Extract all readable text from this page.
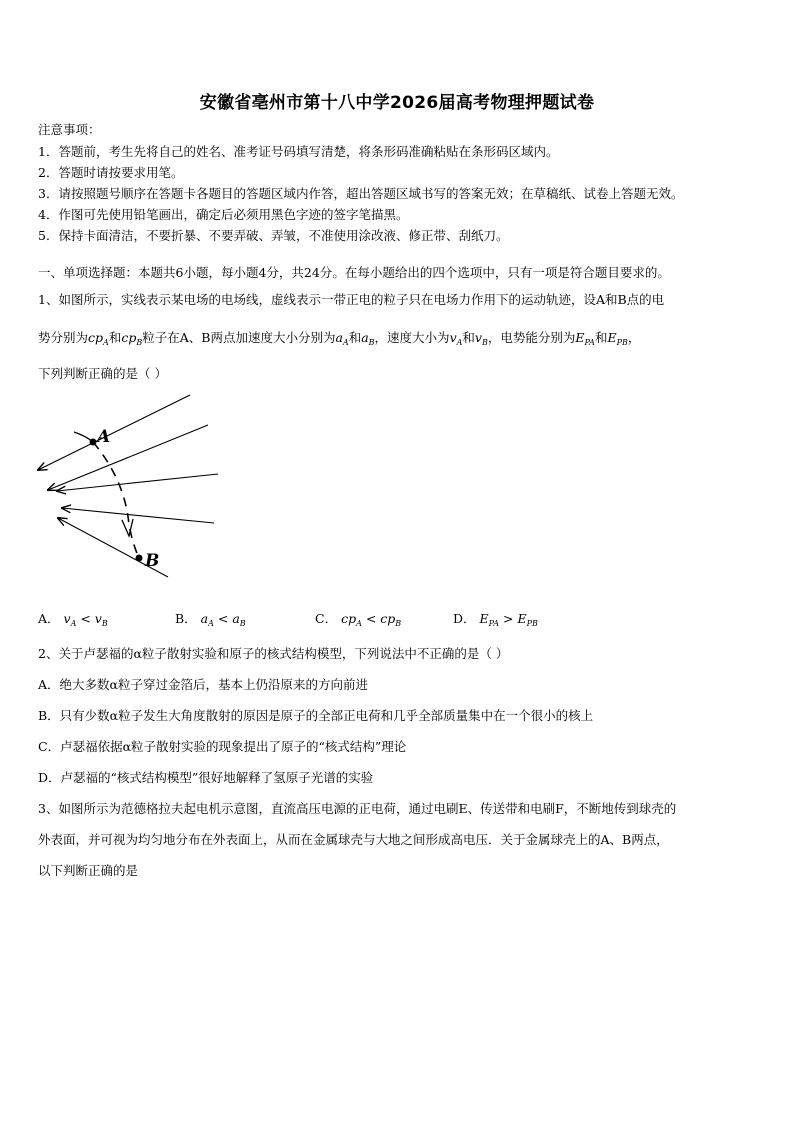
安徽省亳州市第十八中学2026届高考物理押题试卷
注意事项：
1．答题前，考生先将自己的姓名、准考证号码填写清楚，将条形码准确粘贴在条形码区域内。
2．答题时请按要求用笔。
3．请按照题号顺序在答题卡各题目的答题区域内作答，超出答题区域书写的答案无效；在草稿纸、试卷上答题无效。
4．作图可先使用铅笔画出，确定后必须用黑色字迹的签字笔描黑。
5．保持卡面清洁，不要折暴、不要弄破、弄皱，不准使用涂改液、修正带、刮纸刀。
一、单项选择题：本题共6小题，每小题4分，共24分。在每小题给出的四个选项中，只有一项是符合题目要求的。
1、如图所示，实线表示某电场的电场线，虚线表示一带正电的粒子只在电场力作用下的运动轨迹，设A和B点的电
势分别为$cp_A$和$cp_B$粒子在A、B两点加速度大小分别为$a_A$和$a_B$，速度大小为$v_A$和$v_B$，电势能分别为$E_{PA}$和$E_{PB}$，
下列判断正确的是（ ）
A
B
A． $v_A < v_B$	B． $a_A < a_B$	C． $cp_A < cp_B$	D． $E_{PA} > E_{PB}$
2、关于卢瑟福的α粒子散射实验和原子的核式结构模型，下列说法中不正确的是（ ）
A．绝大多数α粒子穿过金箔后，基本上仍沿原来的方向前进
B．只有少数α粒子发生大角度散射的原因是原子的全部正电荷和几乎全部质量集中在一个很小的核上
C．卢瑟福依据α粒子散射实验的现象提出了原子的“核式结构”理论
D．卢瑟福的“核式结构模型”很好地解释了氢原子光谱的实验
3、如图所示为范德格拉夫起电机示意图，直流高压电源的正电荷，通过电刷E、传送带和电刷F，不断地传到球壳的
外表面，并可视为均匀地分布在外表面上，从而在金属球壳与大地之间形成高电压．关于金属球壳上的A、B两点，
以下判断正确的是
